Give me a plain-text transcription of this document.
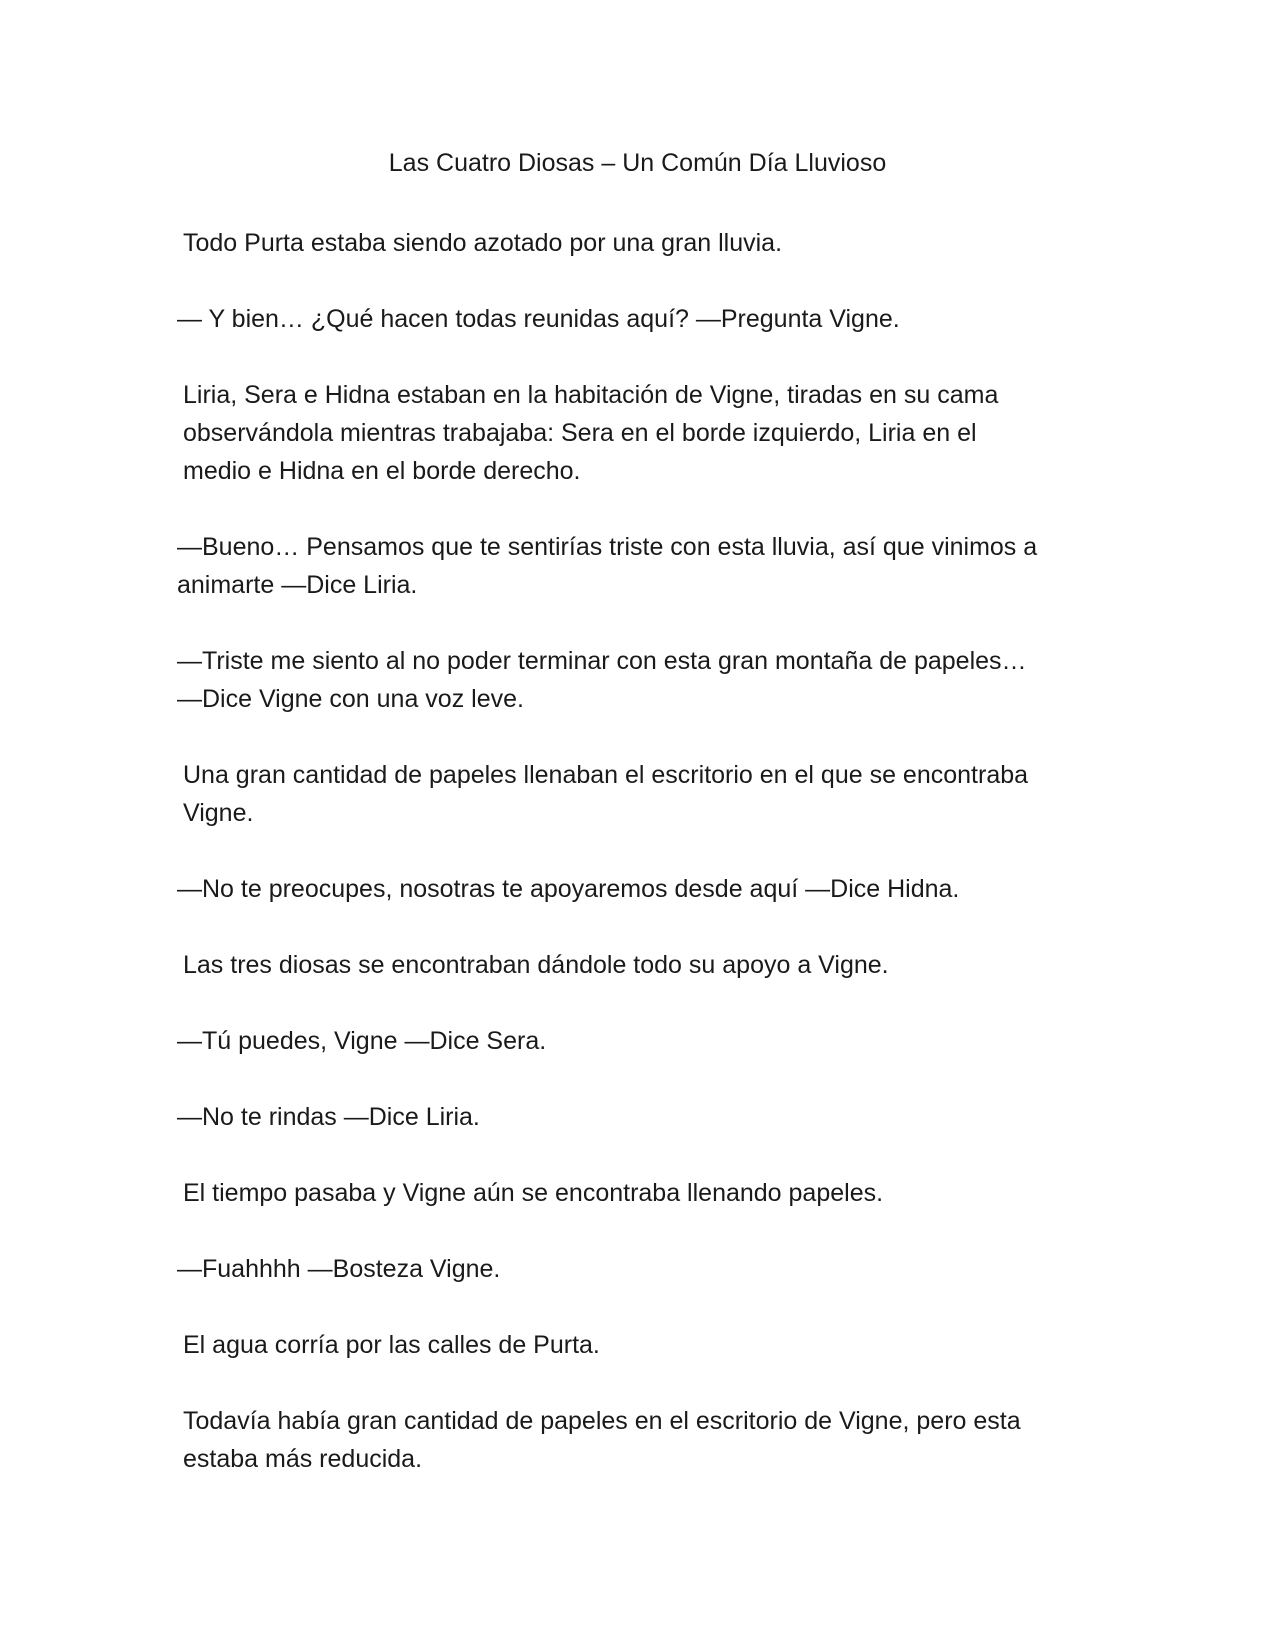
Las Cuatro Diosas – Un Común Día Lluvioso

Todo Purta estaba siendo azotado por una gran lluvia.

— Y bien… ¿Qué hacen todas reunidas aquí? —Pregunta Vigne.

Liria, Sera e Hidna estaban en la habitación de Vigne, tiradas en su cama
observándola mientras trabajaba: Sera en el borde izquierdo, Liria en el
medio e Hidna en el borde derecho.

—Bueno… Pensamos que te sentirías triste con esta lluvia, así que vinimos a
animarte —Dice Liria.

—Triste me siento al no poder terminar con esta gran montaña de papeles…
—Dice Vigne con una voz leve.

Una gran cantidad de papeles llenaban el escritorio en el que se encontraba
Vigne.

—No te preocupes, nosotras te apoyaremos desde aquí —Dice Hidna.

Las tres diosas se encontraban dándole todo su apoyo a Vigne.

—Tú puedes, Vigne —Dice Sera.

—No te rindas —Dice Liria.

El tiempo pasaba y Vigne aún se encontraba llenando papeles.

—Fuahhhh —Bosteza Vigne.

El agua corría por las calles de Purta.

Todavía había gran cantidad de papeles en el escritorio de Vigne, pero esta
estaba más reducida.
